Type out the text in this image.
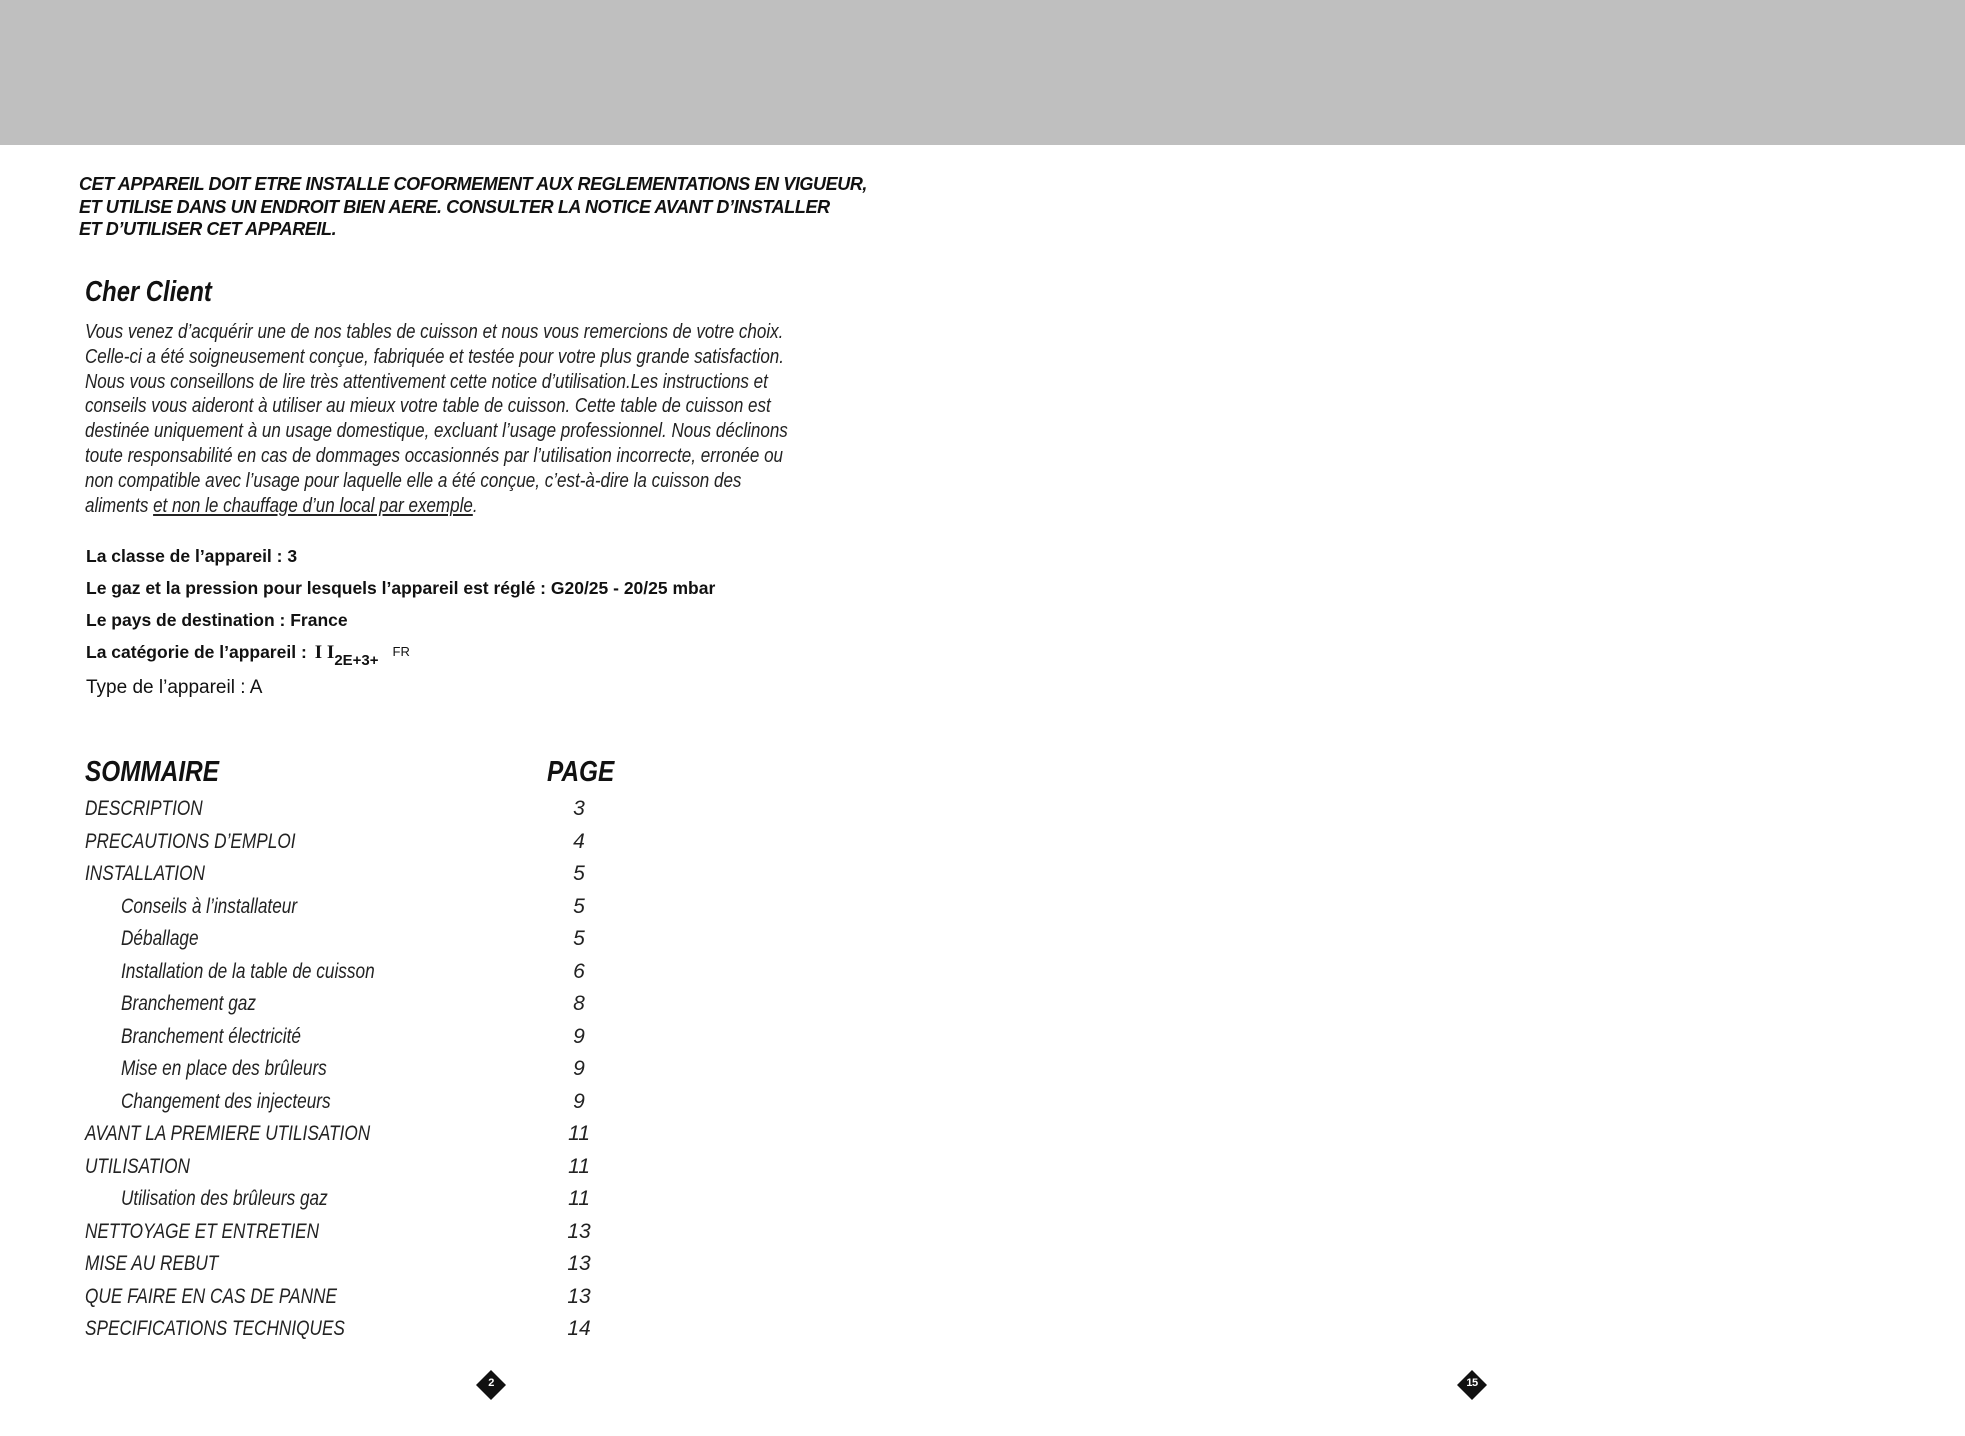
CET APPAREIL DOIT ETRE INSTALLE COFORMEMENT AUX REGLEMENTATIONS EN VIGUEUR,
ET UTILISE DANS UN ENDROIT BIEN AERE. CONSULTER LA NOTICE AVANT D’INSTALLER
ET D’UTILISER CET APPAREIL.
Cher Client
Vous venez d’acquérir une de nos tables de cuisson et nous vous remercions de votre choix.
Celle-ci a été soigneusement conçue, fabriquée et testée pour votre plus grande satisfaction.
Nous vous conseillons de lire très attentivement cette notice d’utilisation.Les instructions et
conseils vous aideront à utiliser au mieux votre table de cuisson. Cette table de cuisson est
destinée uniquement à un usage domestique, excluant l’usage professionnel. Nous déclinons
toute responsabilité en cas de dommages occasionnés par l’utilisation incorrecte, erronée ou
non compatible avec l’usage pour laquelle elle a été conçue, c’est-à-dire la cuisson des
aliments et non le chauffage d’un local par exemple.
La classe de l’appareil : 3
Le gaz et la pression pour lesquels l’appareil est réglé : G20/25 - 20/25 mbar
Le pays de destination : France
La catégorie de l’appareil : I I2E+3+FR
Type de l’appareil : A
SOMMAIRE	PAGE
DESCRIPTION	3
PRECAUTIONS D’EMPLOI	4
INSTALLATION	5
Conseils à l’installateur	5
Déballage	5
Installation de la table de cuisson	6
Branchement gaz	8
Branchement électricité	9
Mise en place des brûleurs	9
Changement des injecteurs	9
AVANT LA PREMIERE UTILISATION	11
UTILISATION	11
Utilisation des brûleurs gaz	11
NETTOYAGE ET ENTRETIEN	13
MISE AU REBUT	13
QUE FAIRE EN CAS DE PANNE	13
SPECIFICATIONS TECHNIQUES	14
2	15
